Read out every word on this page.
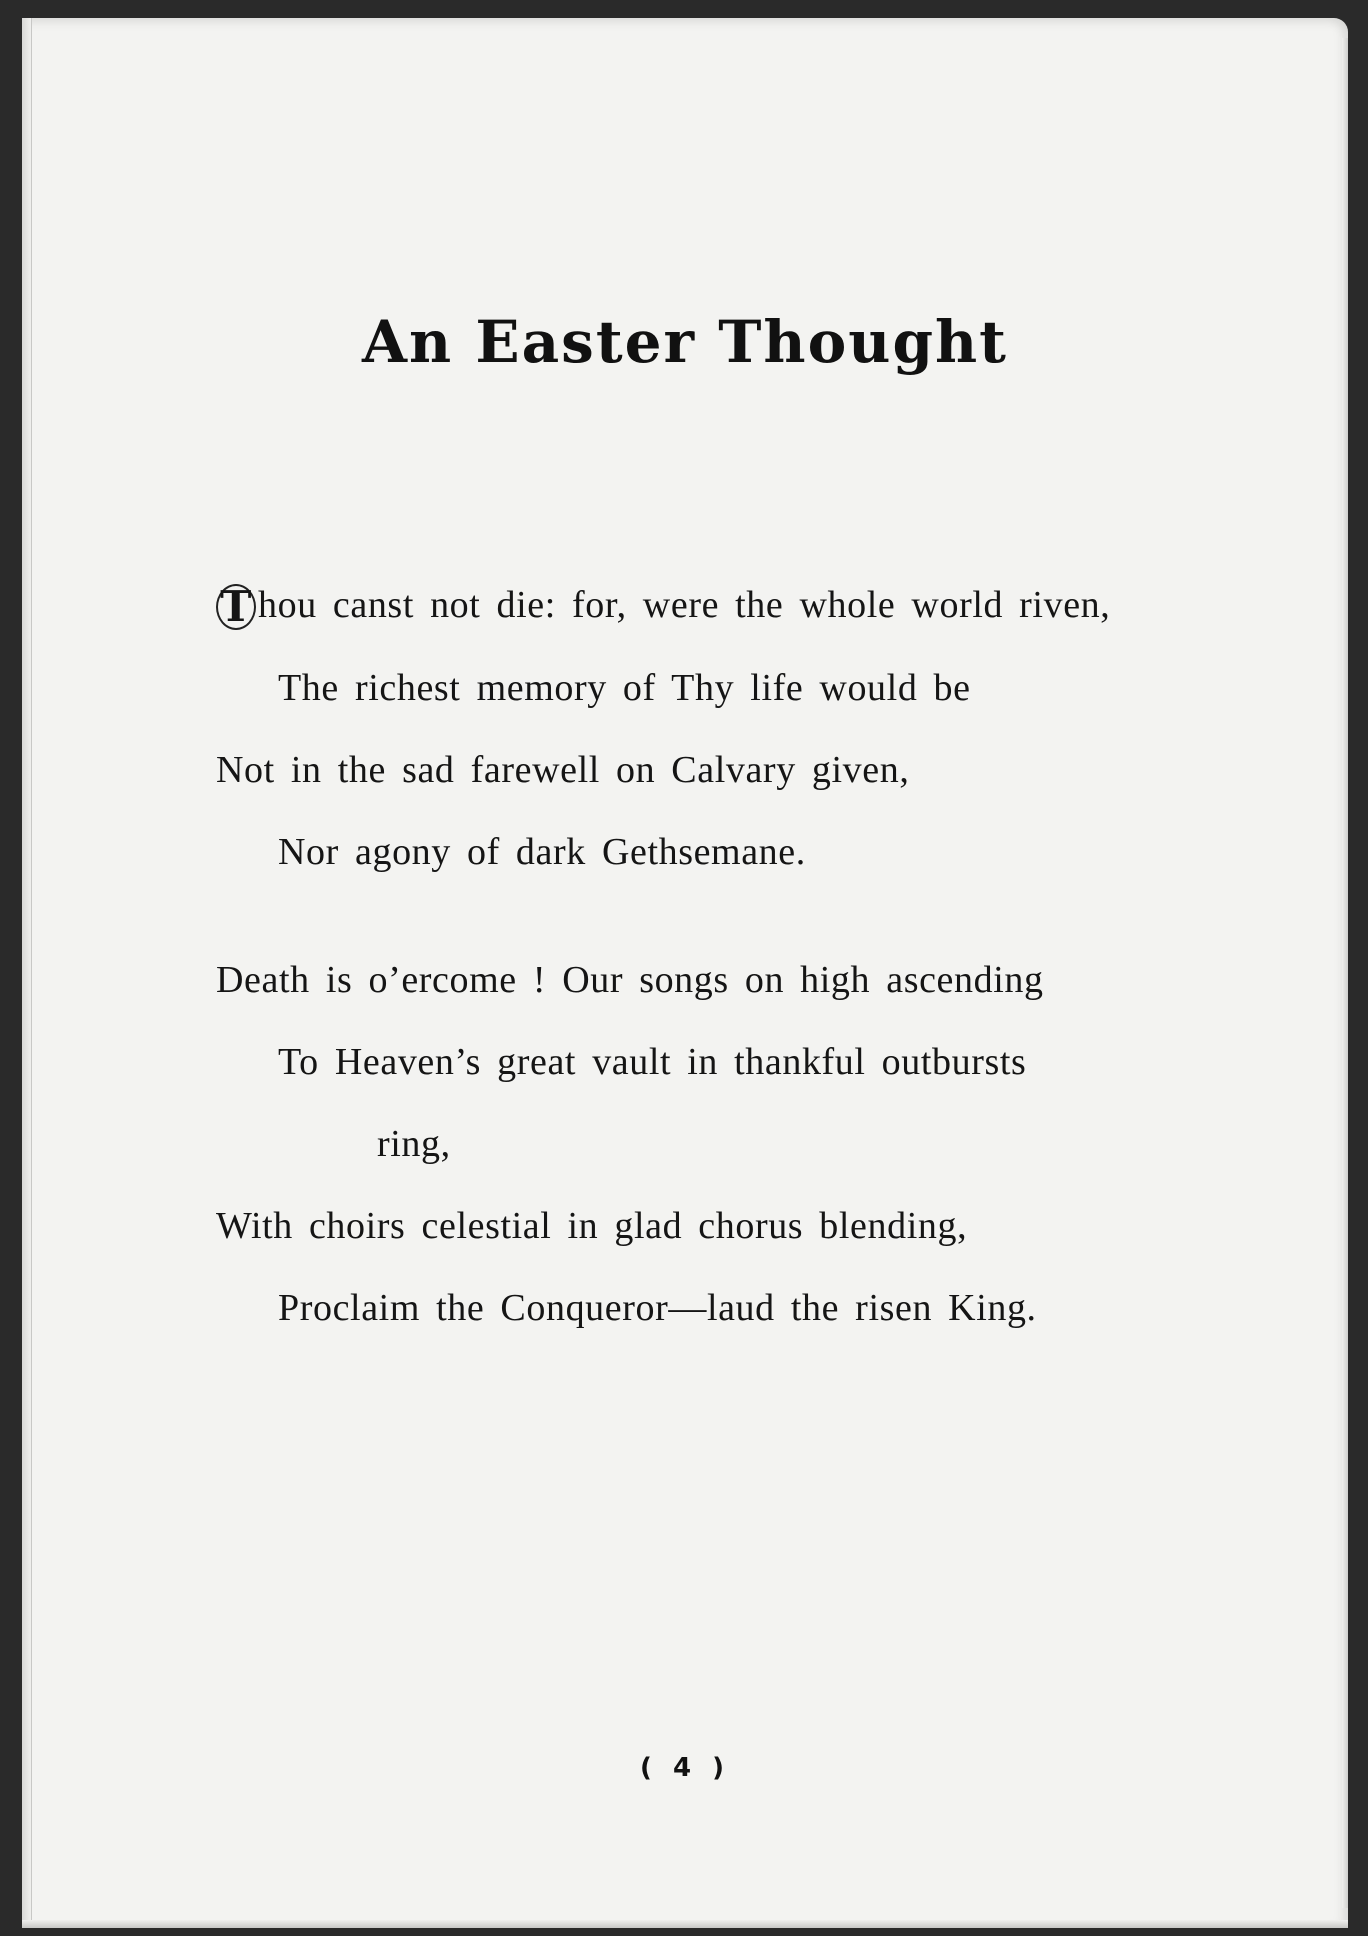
An Easter Thought
T hou canst not die: for, were the whole world riven,
The richest memory of Thy life would be
Not in the sad farewell on Calvary given,
Nor agony of dark Gethsemane.
Death is o’ercome ! Our songs on high ascending
To Heaven’s great vault in thankful outbursts
ring,
With choirs celestial in glad chorus blending,
Proclaim the Conqueror—laud the risen King.
( 4 )
